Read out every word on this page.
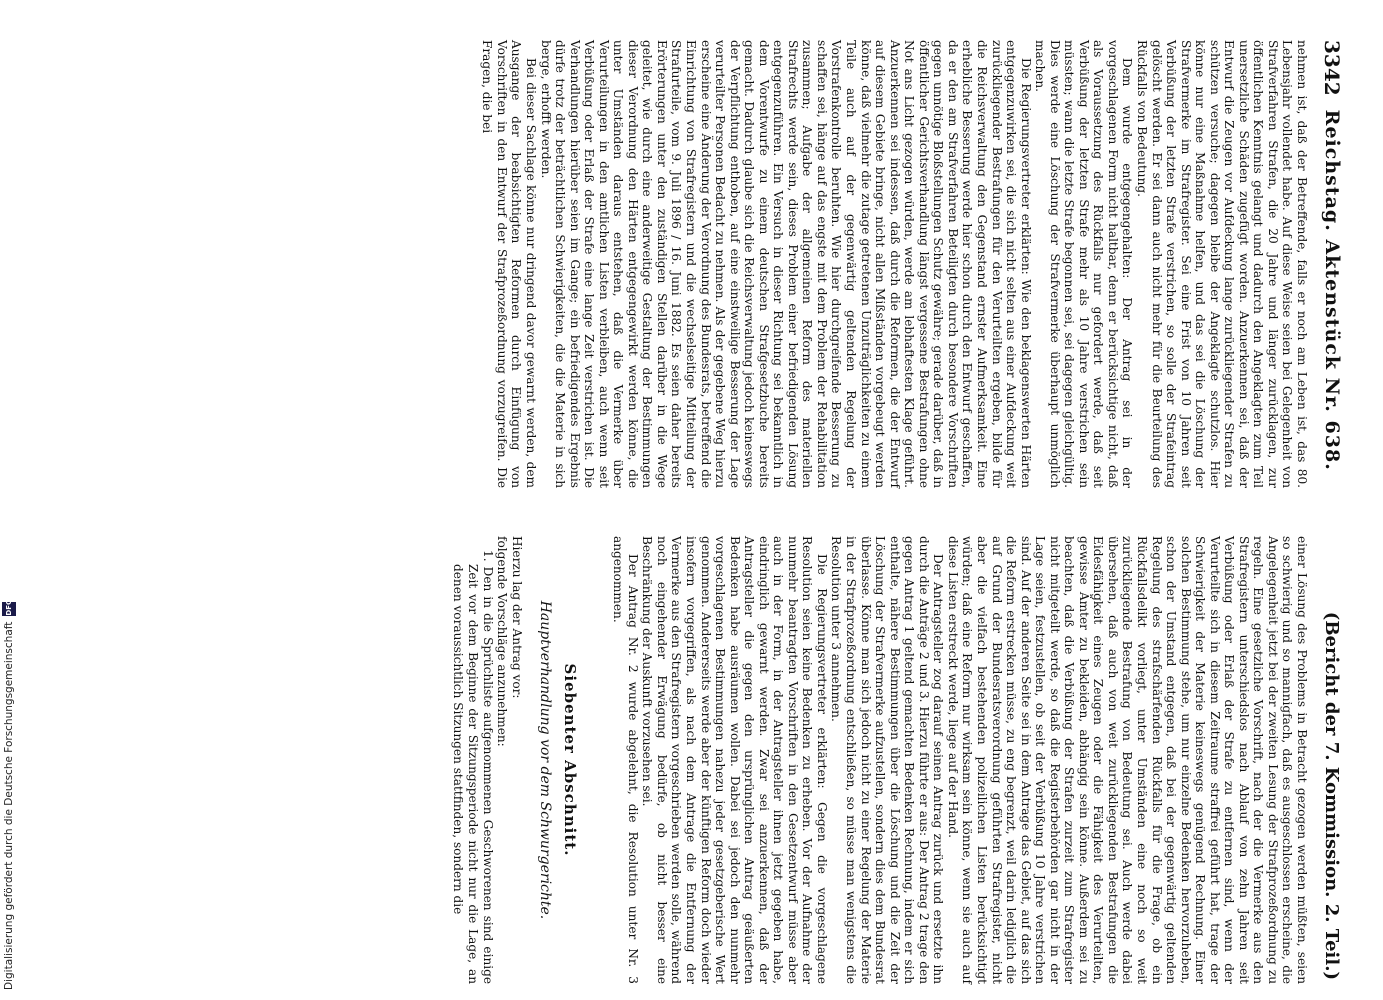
3342
Reichstag. Aktenstück Nr. 638.
(Bericht der 7. Kommission. 2. Teil.)

nehmen ist, daß der Betreffende, falls er noch am Leben ist, das 80. Lebensjahr vollendet habe. Auf diese Weise seien bei Gelegenheit von Strafverfahren Strafen, die 20 Jahre und länger zurücklagen, zur öffentlichen Kenntnis gelangt und dadurch den Angeklagten zum Teil unersetzliche Schäden zugefügt worden. Anzuerkennen sei, daß der Entwurf die Zeugen vor Aufdeckung lange zurückliegender Strafen zu schützen versuche; dagegen bleibe der Angeklagte schutzlos. Hier könne nur eine Maßnahme helfen, und das sei die Löschung der Strafvermerke im Strafregister. Sei eine Frist von 10 Jahren seit Verbüßung der letzten Strafe verstrichen, so solle der Strafeintrag gelöscht werden. Er sei dann auch nicht mehr für die Beurteilung des Rückfalls von Bedeutung.

Dem wurde entgegengehalten: Der Antrag sei in der vorgeschlagenen Form nicht haltbar, denn er berücksichtige nicht, daß als Voraussetzung des Rückfalls nur gefordert werde, daß seit Verbüßung der letzten Strafe mehr als 10 Jahre verstrichen sein müssten; wann die letzte Strafe begonnen sei, sei dagegen gleichgültig. Dies werde eine Löschung der Strafvermerke überhaupt unmöglich machen.

Die Regierungsvertreter erklärten: Wie den beklagenswerten Härten entgegenzuwirken sei, die sich nicht selten aus einer Aufdeckung weit zurückliegender Bestrafungen für den Verurteilten ergeben, bilde für die Reichsverwaltung den Gegenstand ernster Aufmerksamkeit. Eine erhebliche Besserung werde hier schon durch den Entwurf geschaffen, da er den am Strafverfahren Beteiligten durch besondere Vorschriften gegen unnötige Bloßstellungen Schutz gewähre; gerade darüber, daß in öffentlicher Gerichtsverhandlung längst vergessene Bestrafungen ohne Not ans Licht gezogen würden, werde am lebhaftesten Klage geführt. Anzuerkennen sei indessen, daß durch die Reformen, die der Entwurf auf diesem Gebiete bringe, nicht allen Mißständen vorgebeugt werden könne, daß vielmehr die zutage getretenen Unzuträglichkeiten zu einem Teile auch auf der gegenwärtig geltenden Regelung der Vorstrafenkontrolle beruhten. Wie hier durchgreifende Besserung zu schaffen sei, hänge auf das engste mit dem Problem der Rehabilitation zusammen; Aufgabe der allgemeinen Reform des materiellen Strafrechts werde sein, dieses Problem einer befriedigenden Lösung entgegenzuführen. Ein Versuch in dieser Richtung sei bekanntlich in dem Vorentwurfe zu einem deutschen Strafgesetzbuche bereits gemacht. Dadurch glaube sich die Reichsverwaltung jedoch keineswegs der Verpflichtung enthoben, auf eine einstweilige Besserung der Lage verurteilter Personen Bedacht zu nehmen. Als der gegebene Weg hierzu erscheine eine Änderung der Verordnung des Bundesrats, betreffend die Einrichtung von Strafregistern und die wechselseitige Mitteilung der Strafurteile, vom 9. Juli 1896 / 16. Juni 1882. Es seien daher bereits Erörterungen unter den zuständigen Stellen darüber in die Wege geleitet, wie durch eine anderweitige Gestaltung der Bestimmungen dieser Verordnung den Härten entgegengewirkt werden könne, die unter Umständen daraus entstehen, daß die Vermerke über Verurteilungen in den amtlichen Listen verbleiben, auch wenn seit Verbüßung oder Erlaß der Strafe eine lange Zeit verstrichen ist. Die Verhandlungen hierüber seien im Gange; ein befriedigendes Ergebnis dürfe trotz der beträchtlichen Schwierigkeiten, die die Materie in sich berge, erhofft werden.

Bei dieser Sachlage könne nur dringend davor gewarnt werden, dem Ausgange der beabsichtigten Reformen durch Einfügung von Vorschriften in den Entwurf der Strafprozeßordnung vorzugreifen. Die Fragen, die bei

einer Lösung des Problems in Betracht gezogen werden müßten, seien so schwierig und so mannigfach, daß es ausgeschlossen erscheine, die Angelegenheit jetzt bei der zweiten Lesung der Strafprozeßordnung zu regeln. Eine gesetzliche Vorschrift, nach der die Vermerke aus den Strafregistern unterschiedslos nach Ablauf von zehn Jahren seit Verbüßung oder Erlaß der Strafe zu entfernen sind, wenn der Verurteilte sich in diesem Zeitraume straffrei geführt hat, trage der Schwierigkeit der Materie keineswegs genügend Rechnung. Einer solchen Bestimmung stehe, um nur einzelne Bedenken hervorzuheben, schon der Umstand entgegen, daß bei der gegenwärtig geltenden Regelung des strafschärfenden Rückfalls für die Frage, ob ein Rückfallsdelikt vorliegt, unter Umständen eine noch so weit zurückliegende Bestrafung von Bedeutung sei. Auch werde dabei übersehen, daß auch von weit zurückliegenden Bestrafungen die Eidesfähigkeit eines Zeugen oder die Fähigkeit des Verurteilten, gewisse Ämter zu bekleiden, abhängig sein könne. Außerdem sei zu beachten, daß die Verbüßung der Strafen zurzeit zum Strafregister nicht mitgeteilt werde, so daß die Registerbehörden gar nicht in der Lage seien, festzustellen, ob seit der Verbüßung 10 Jahre verstrichen sind. Auf der anderen Seite sei in dem Antrage das Gebiet, auf das sich die Reform erstrecken müsse, zu eng begrenzt, weil darin lediglich die auf Grund der Bundesratsverordnung geführten Strafregister, nicht aber die vielfach bestehenden polizeilichen Listen berücksichtigt würden; daß eine Reform nur wirksam sein könne, wenn sie auch auf diese Listen erstreckt werde, liege auf der Hand.

Der Antragsteller zog darauf seinen Antrag zurück und ersetzte ihn durch die Anträge 2 und 3. Hierzu führte er aus: Der Antrag 2 trage den gegen Antrag 1 geltend gemachten Bedenken Rechnung, indem er sich enthalte, nähere Bestimmungen über die Löschung und die Zeit der Löschung der Strafvermerke aufzustellen, sondern dies dem Bundesrat überlasse. Könne man sich jedoch nicht zu einer Regelung der Materie in der Strafprozeßordnung entschließen, so müsse man wenigstens die Resolution unter 3 annehmen.

Die Regierungsvertreter erklärten: Gegen die vorgeschlagene Resolution seien keine Bedenken zu erheben. Vor der Aufnahme der nunmehr beantragten Vorschriften in den Gesetzentwurf müsse aber auch in der Form, in der Antragsteller ihnen jetzt gegeben habe, eindringlich gewarnt werden. Zwar sei anzuerkennen, daß der Antragsteller die gegen den ursprünglichen Antrag geäußerten Bedenken habe ausräumen wollen. Dabei sei jedoch den nunmehr vorgeschlagenen Bestimmungen nahezu jeder gesetzgeberische Wert genommen. Andererseits werde aber der künftigen Reform doch wieder insofern vorgegriffen, als nach dem Antrage die Entfernung der Vermerke aus den Strafregistern vorgeschrieben werden solle, während noch eingehender Erwägung bedürfe, ob nicht besser eine Beschränkung der Auskunft vorzusehen sei.

Der Antrag Nr. 2 wurde abgelehnt, die Resolution unter Nr. 3 angenommen.

Siebenter Abschnitt.
Hauptverhandlung vor dem Schwurgerichte.

Hierzu lag der Antrag vor:

folgende Vorschläge anzunehmen:

1. Den in die Sprüchliste aufgenommenen Geschworenen sind einige Zeit vor dem Beginne der Sitzungsperiode nicht nur die Lage, an denen voraussichtlich Sitzungen stattfinden, sondern die

Digitalisierung gefördert durch die Deutsche Forschungsgemeinschaft
DFG
